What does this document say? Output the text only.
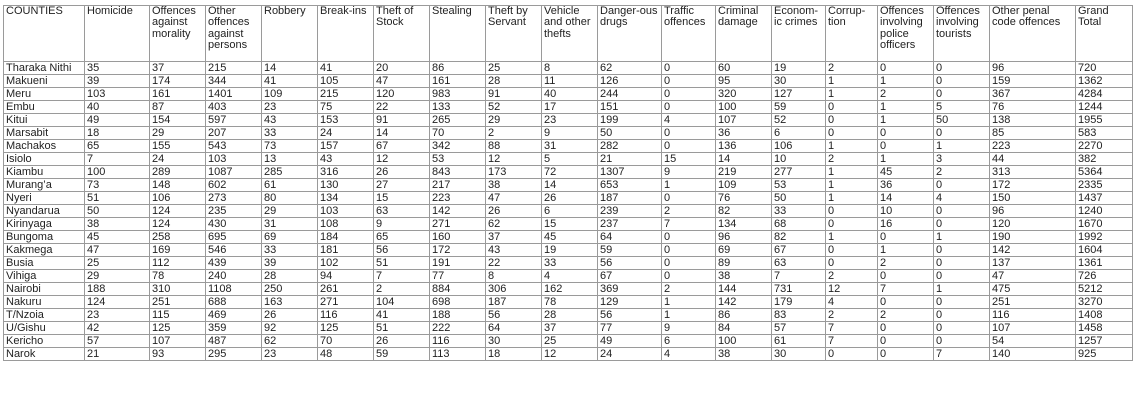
COUNTIES	Homicide	Offences against morality	Other offences against persons	Robbery	Break-ins	Theft of Stock	Stealing	Theft by Servant	Vehicle and other thefts	Danger-ous drugs	Traffic offences	Criminal damage	Econom-ic crimes	Corrup-tion	Offences involving police officers	Offences involving tourists	Other penal code offences	Grand Total
Tharaka Nithi	35	37	215	14	41	20	86	25	8	62	0	60	19	2	0	0	96	720
Makueni	39	174	344	41	105	47	161	28	11	126	0	95	30	1	1	0	159	1362
Meru	103	161	1401	109	215	120	983	91	40	244	0	320	127	1	2	0	367	4284
Embu	40	87	403	23	75	22	133	52	17	151	0	100	59	0	1	5	76	1244
Kitui	49	154	597	43	153	91	265	29	23	199	4	107	52	0	1	50	138	1955
Marsabit	18	29	207	33	24	14	70	2	9	50	0	36	6	0	0	0	85	583
Machakos	65	155	543	73	157	67	342	88	31	282	0	136	106	1	0	1	223	2270
Isiolo	7	24	103	13	43	12	53	12	5	21	15	14	10	2	1	3	44	382
Kiambu	100	289	1087	285	316	26	843	173	72	1307	9	219	277	1	45	2	313	5364
Murang’a	73	148	602	61	130	27	217	38	14	653	1	109	53	1	36	0	172	2335
Nyeri	51	106	273	80	134	15	223	47	26	187	0	76	50	1	14	4	150	1437
Nyandarua	50	124	235	29	103	63	142	26	6	239	2	82	33	0	10	0	96	1240
Kirinyaga	38	124	430	31	108	9	271	62	15	237	7	134	68	0	16	0	120	1670
Bungoma	45	258	695	69	184	65	160	37	45	64	0	96	82	1	0	1	190	1992
Kakmega	47	169	546	33	181	56	172	43	19	59	0	69	67	0	1	0	142	1604
Busia	25	112	439	39	102	51	191	22	33	56	0	89	63	0	2	0	137	1361
Vihiga	29	78	240	28	94	7	77	8	4	67	0	38	7	2	0	0	47	726
Nairobi	188	310	1108	250	261	2	884	306	162	369	2	144	731	12	7	1	475	5212
Nakuru	124	251	688	163	271	104	698	187	78	129	1	142	179	4	0	0	251	3270
T/Nzoia	23	115	469	26	116	41	188	56	28	56	1	86	83	2	2	0	116	1408
U/Gishu	42	125	359	92	125	51	222	64	37	77	9	84	57	7	0	0	107	1458
Kericho	57	107	487	62	70	26	116	30	25	49	6	100	61	7	0	0	54	1257
Narok	21	93	295	23	48	59	113	18	12	24	4	38	30	0	0	7	140	925
